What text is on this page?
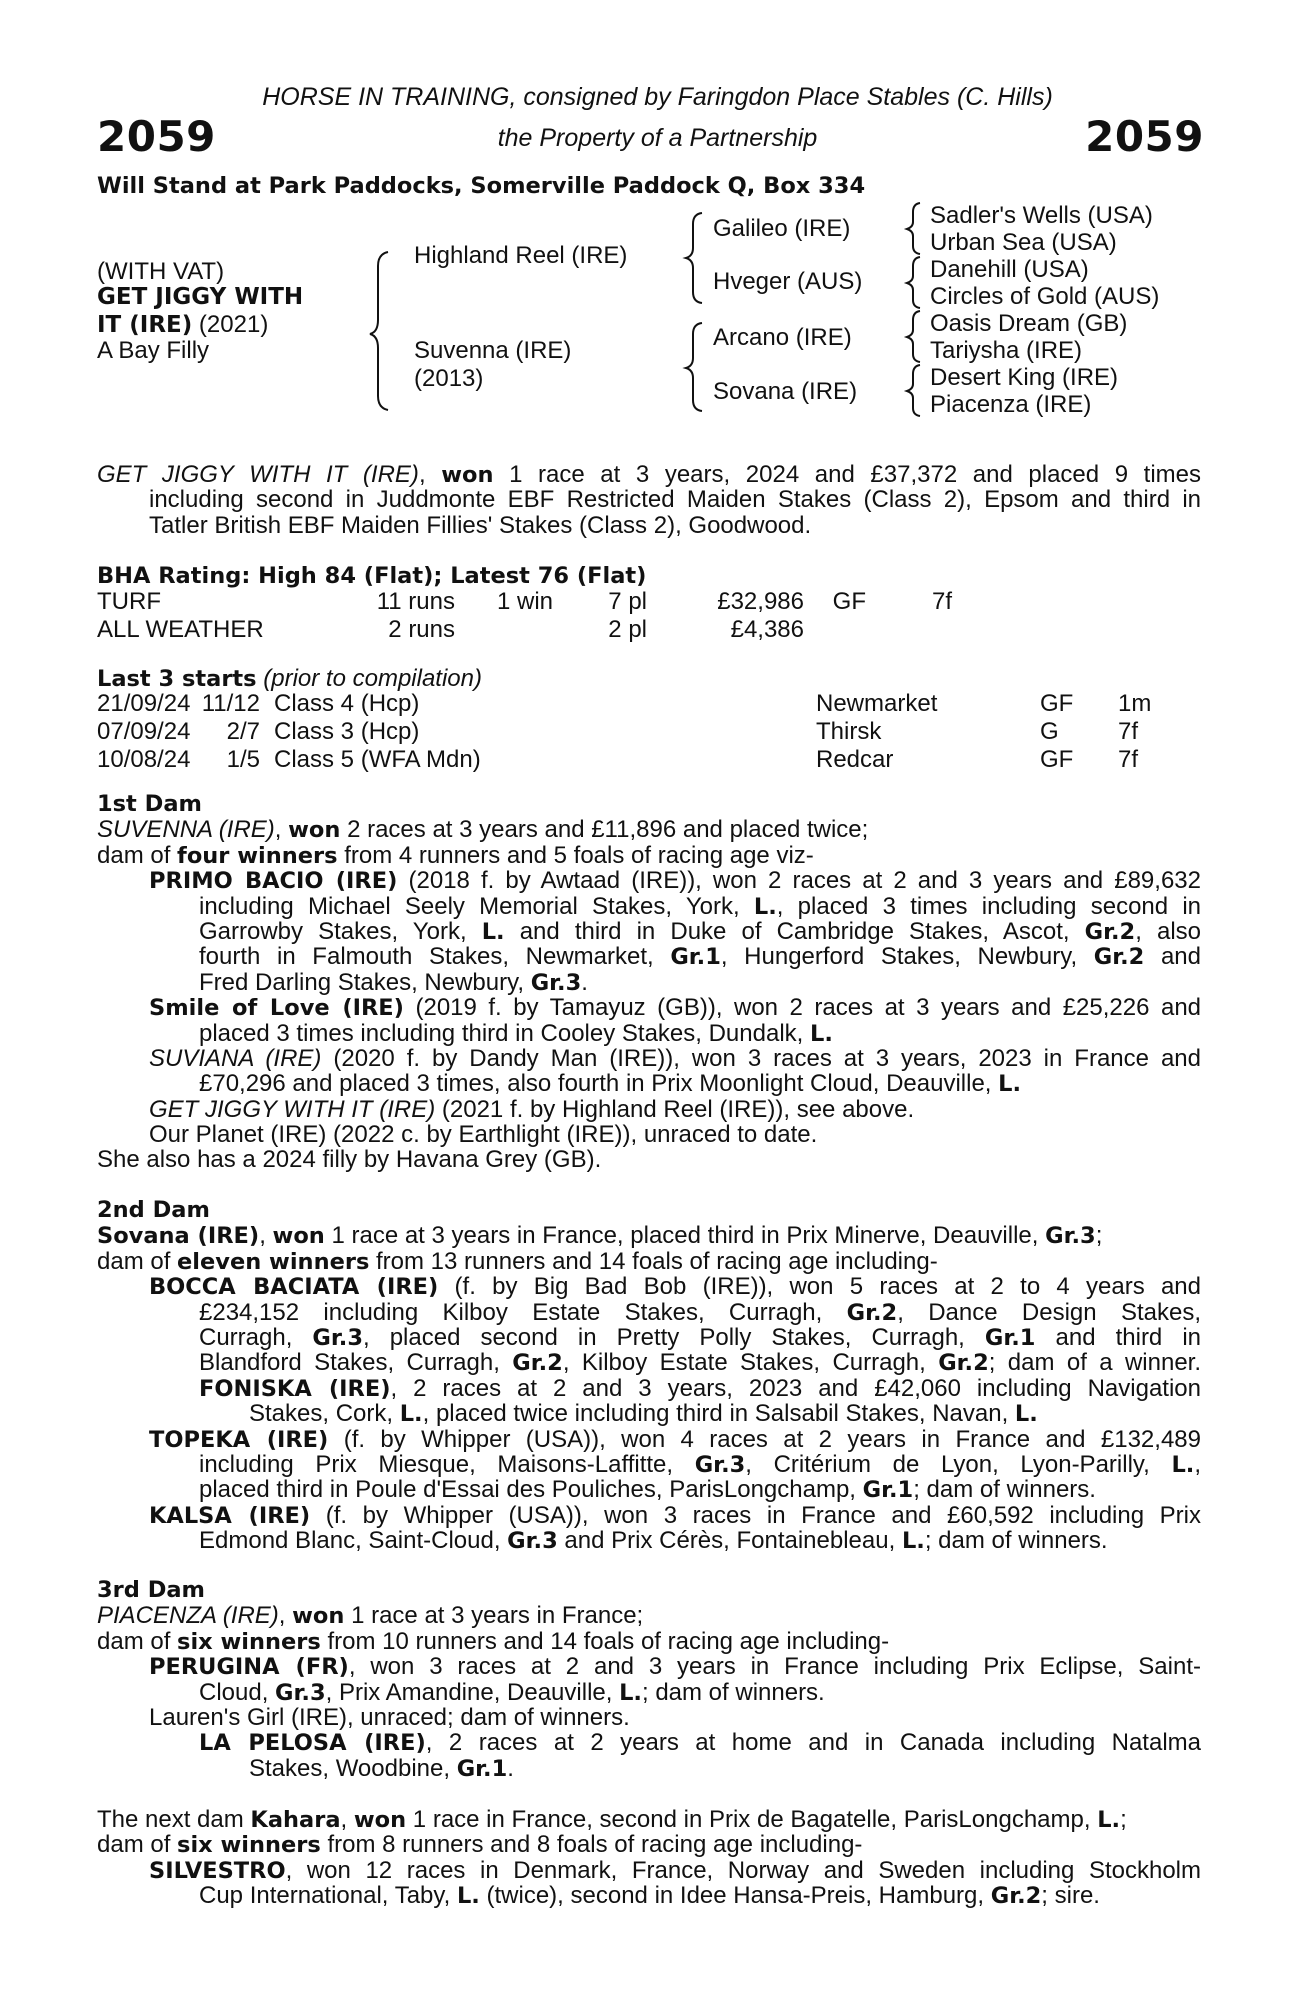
HORSE IN TRAINING, consigned by Faringdon Place Stables (C. Hills)
2059	the Property of a Partnership	2059
Will Stand at Park Paddocks, Somerville Paddock Q, Box 334
(WITH VAT)
GET JIGGY WITH
IT (IRE) (2021)
A Bay Filly
Highland Reel (IRE)
Suvenna (IRE)
(2013)
Galileo (IRE)
Hveger (AUS)
Arcano (IRE)
Sovana (IRE)
Sadler's Wells (USA)
Urban Sea (USA)
Danehill (USA)
Circles of Gold (AUS)
Oasis Dream (GB)
Tariysha (IRE)
Desert King (IRE)
Piacenza (IRE)
GET JIGGY WITH IT (IRE), won 1 race at 3 years, 2024 and £37,372 and placed 9 times
including second in Juddmonte EBF Restricted Maiden Stakes (Class 2), Epsom and third in
Tatler British EBF Maiden Fillies' Stakes (Class 2), Goodwood.
BHA Rating: High 84 (Flat); Latest 76 (Flat)
TURF	11 runs	1 win	7 pl	£32,986	GF	7f
ALL WEATHER	2 runs		2 pl	£4,386		
Last 3 starts (prior to compilation)
21/09/24	11/12	Class 4 (Hcp)	Newmarket	GF	1m
07/09/24	2/7	Class 3 (Hcp)	Thirsk	G	7f
10/08/24	1/5	Class 5 (WFA Mdn)	Redcar	GF	7f
1st Dam
SUVENNA (IRE), won 2 races at 3 years and £11,896 and placed twice;
dam of four winners from 4 runners and 5 foals of racing age viz-
PRIMO BACIO (IRE) (2018 f. by Awtaad (IRE)), won 2 races at 2 and 3 years and £89,632
including Michael Seely Memorial Stakes, York, L., placed 3 times including second in
Garrowby Stakes, York, L. and third in Duke of Cambridge Stakes, Ascot, Gr.2, also
fourth in Falmouth Stakes, Newmarket, Gr.1, Hungerford Stakes, Newbury, Gr.2 and
Fred Darling Stakes, Newbury, Gr.3.
Smile of Love (IRE) (2019 f. by Tamayuz (GB)), won 2 races at 3 years and £25,226 and
placed 3 times including third in Cooley Stakes, Dundalk, L.
SUVIANA (IRE) (2020 f. by Dandy Man (IRE)), won 3 races at 3 years, 2023 in France and
£70,296 and placed 3 times, also fourth in Prix Moonlight Cloud, Deauville, L.
GET JIGGY WITH IT (IRE) (2021 f. by Highland Reel (IRE)), see above.
Our Planet (IRE) (2022 c. by Earthlight (IRE)), unraced to date.
She also has a 2024 filly by Havana Grey (GB).
2nd Dam
Sovana (IRE), won 1 race at 3 years in France, placed third in Prix Minerve, Deauville, Gr.3;
dam of eleven winners from 13 runners and 14 foals of racing age including-
BOCCA BACIATA (IRE) (f. by Big Bad Bob (IRE)), won 5 races at 2 to 4 years and
£234,152 including Kilboy Estate Stakes, Curragh, Gr.2, Dance Design Stakes,
Curragh, Gr.3, placed second in Pretty Polly Stakes, Curragh, Gr.1 and third in
Blandford Stakes, Curragh, Gr.2, Kilboy Estate Stakes, Curragh, Gr.2; dam of a winner.
FONISKA (IRE), 2 races at 2 and 3 years, 2023 and £42,060 including Navigation
Stakes, Cork, L., placed twice including third in Salsabil Stakes, Navan, L.
TOPEKA (IRE) (f. by Whipper (USA)), won 4 races at 2 years in France and £132,489
including Prix Miesque, Maisons-Laffitte, Gr.3, Critérium de Lyon, Lyon-Parilly, L.,
placed third in Poule d'Essai des Pouliches, ParisLongchamp, Gr.1; dam of winners.
KALSA (IRE) (f. by Whipper (USA)), won 3 races in France and £60,592 including Prix
Edmond Blanc, Saint-Cloud, Gr.3 and Prix Cérès, Fontainebleau, L.; dam of winners.
3rd Dam
PIACENZA (IRE), won 1 race at 3 years in France;
dam of six winners from 10 runners and 14 foals of racing age including-
PERUGINA (FR), won 3 races at 2 and 3 years in France including Prix Eclipse, Saint-
Cloud, Gr.3, Prix Amandine, Deauville, L.; dam of winners.
Lauren's Girl (IRE), unraced; dam of winners.
LA PELOSA (IRE), 2 races at 2 years at home and in Canada including Natalma
Stakes, Woodbine, Gr.1.
The next dam Kahara, won 1 race in France, second in Prix de Bagatelle, ParisLongchamp, L.;
dam of six winners from 8 runners and 8 foals of racing age including-
SILVESTRO, won 12 races in Denmark, France, Norway and Sweden including Stockholm
Cup International, Taby, L. (twice), second in Idee Hansa-Preis, Hamburg, Gr.2; sire.
